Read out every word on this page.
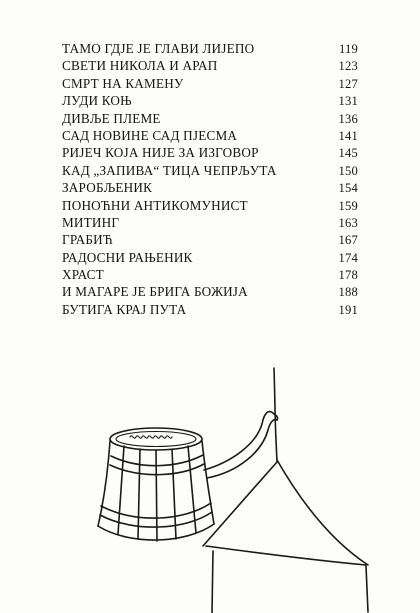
ТАМО ГДЈЕ ЈЕ ГЛАВИ ЛИЈЕПО	119
СВЕТИ НИКОЛА И АРАП	123
СМРТ НА КАМЕНУ	127
ЛУДИ КОЊ	131
ДИВЉЕ ПЛЕМЕ	136
САД НОВИНЕ САД ПЈЕСМА	141
РИЈЕЧ КОЈА НИЈЕ ЗА ИЗГОВОР	145
КАД „ЗАПИВА“ ТИЦА ЧЕПРЉУТА	150
ЗАРОБЉЕНИК	154
ПОНОЋНИ АНТИКОМУНИСТ	159
МИТИНГ	163
ГРАБИЋ	167
РАДОСНИ РАЊЕНИК	174
ХРАСТ	178
И МАГАРЕ ЈЕ БРИГА БОЖИЈА	188
БУТИГА КРАЈ ПУТА	191
